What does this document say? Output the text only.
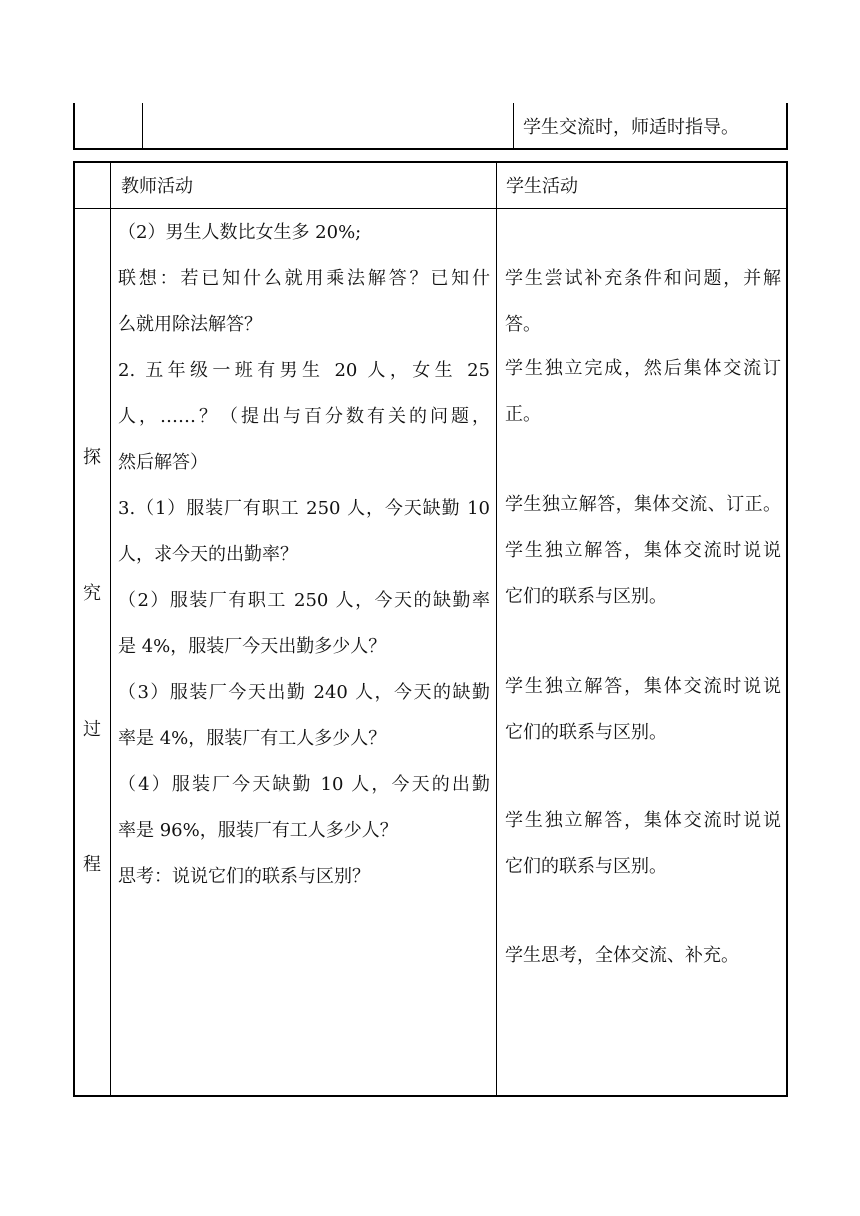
学生交流时，师适时指导。
教师活动	学生活动
探
究
过
程
（2）男生人数比女生多 20%;
联想：若已知什么就用乘法解答？已知什
么就用除法解答？
2. 五年级一班有男生 20 人，女生 25
人，……？（提出与百分数有关的问题，
然后解答）
3.（1）服装厂有职工 250 人，今天缺勤 10
人，求今天的出勤率？
（2）服装厂有职工 250 人，今天的缺勤率
是 4%，服装厂今天出勤多少人？
（3）服装厂今天出勤 240 人，今天的缺勤
率是 4%，服装厂有工人多少人？
（4）服装厂今天缺勤 10 人，今天的出勤
率是 96%，服装厂有工人多少人？
思考：说说它们的联系与区别？
学生尝试补充条件和问题，并解
答。
学生独立完成，然后集体交流订
正。
学生独立解答，集体交流、订正。
学生独立解答，集体交流时说说
它们的联系与区别。
学生独立解答，集体交流时说说
它们的联系与区别。
学生独立解答，集体交流时说说
它们的联系与区别。
学生思考，全体交流、补充。
